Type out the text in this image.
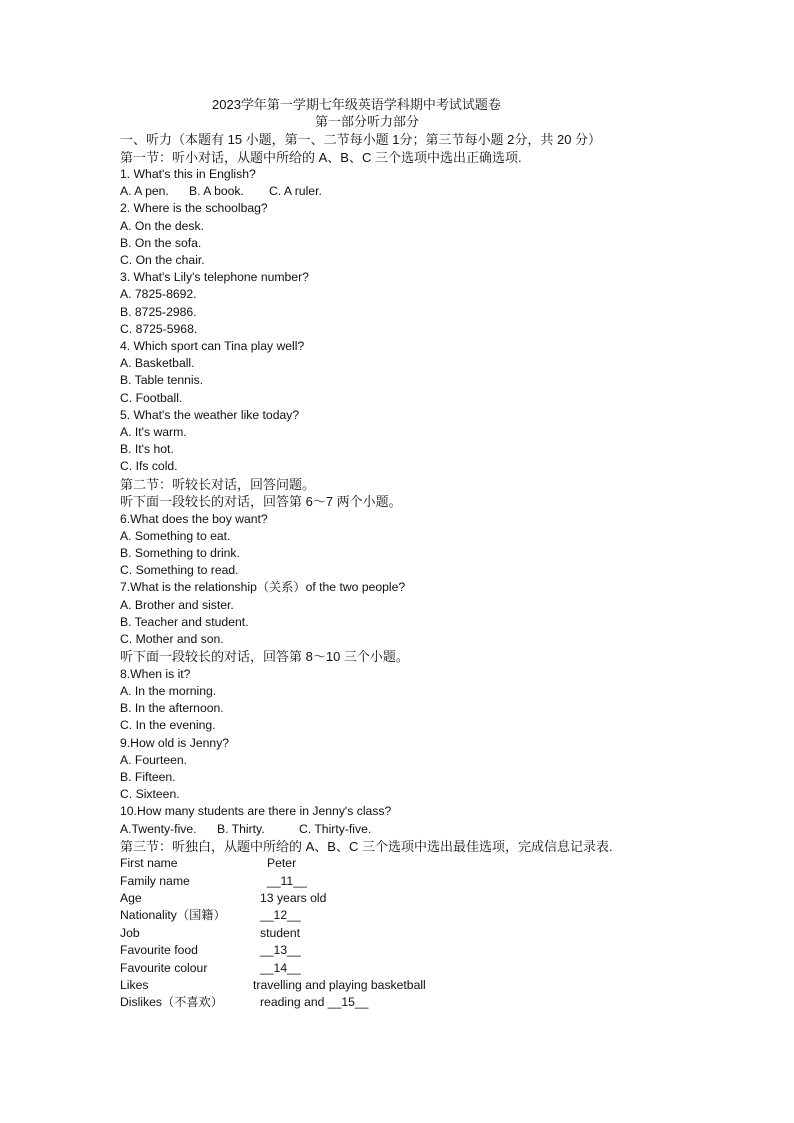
2023学年第一学期七年级英语学科期中考试试题卷
第一部分听力部分
一、听力（本题有 15 小题，第一、二节每小题 1分；第三节每小题 2分，共 20 分）
第一节：听小对话，从题中所给的 A、B、C 三个选项中选出正确选项.
1. What's this in English?
A. A pen. B. A book. C. A ruler.
2. Where is the schoolbag?
A. On the desk.
B. On the sofa.
C. On the chair.
3. What's Lily's telephone number?
A. 7825-8692.
B. 8725-2986.
C. 8725-5968.
4. Which sport can Tina play well?
A. Basketball.
B. Table tennis.
C. Football.
5. What's the weather like today?
A. It's warm.
B. It's hot.
C. Ifs cold.
第二节：听较长对话，回答问题。
听下面一段较长的对话，回答第 6～7 两个小题。
6.What does the boy want?
A. Something to eat.
B. Something to drink.
C. Something to read.
7.What is the relationship（关系）of the two people?
A. Brother and sister.
B. Teacher and student.
C. Mother and son.
听下面一段较长的对话，回答第 8～10 三个小题。
8.When is it?
A. In the morning.
B. In the afternoon.
C. In the evening.
9.How old is Jenny?
A. Fourteen.
B. Fifteen.
C. Sixteen.
10.How many students are there in Jenny's class?
A.Twenty-five. B. Thirty.	C. Thirty-five.
第三节：听独白，从题中所给的 A、B、C 三个选项中选出最佳选项，完成信息记录表.
First name	Peter
Family name	__11__
Age	13 years old
Nationality（国籍）	__12__
Job	student
Favourite food	__13__
Favourite colour	__14__
Likes	travelling and playing basketball
Dislikes（不喜欢）	reading and __15__
